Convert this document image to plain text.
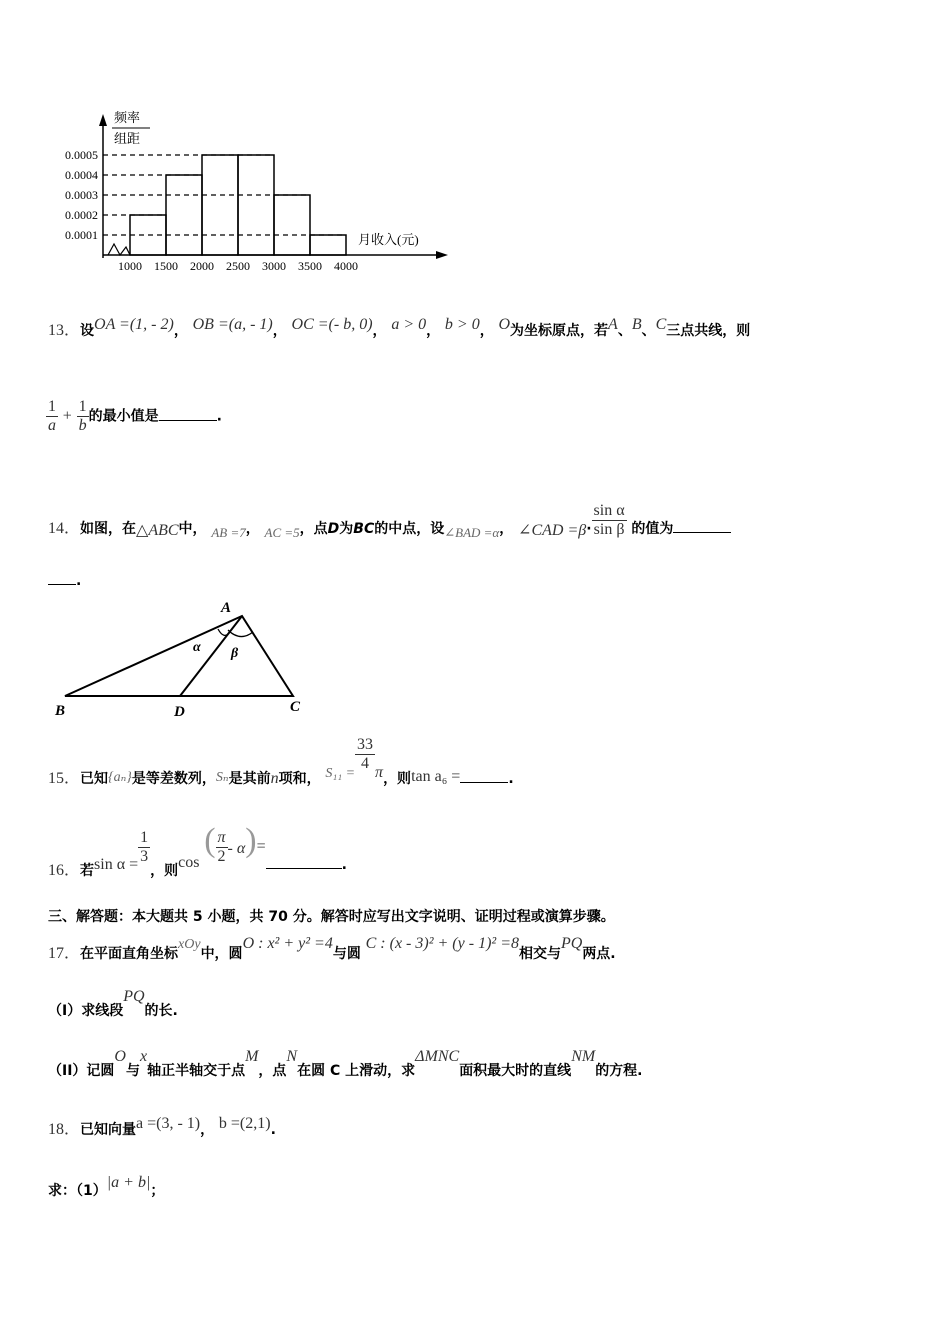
0.0005
0.0004
0.0003
0.0002
0.0001
1000 1500 2000 2500 3000 3500 4000
频率
组距
月收入(元)
13．设OA =(1, - 2)， OB =(a, - 1)， OC =(- b, 0)， a > 0， b > 0， O为坐标原点，若A、B、C三点共线，则
$\frac{1}{a} + \frac{1}{b}$ 的最小值是	.
14．如图，在△ABC中， AB =7， AC =5，点D为BC的中点，设∠BAD =α， ∠CAD $=\beta\cdot \frac{\text{sin α}}{\text{sin β}}$ 的值为
.
A
B	C
D
α β
15．已知{aₙ}是等差数列，Sₙ是其前n项和， $S_{11} = \frac{33}{4}$ π，则tan a₆ =	.
16．若$\sin \alpha = \frac{1}{3}$
，则cos ( $\frac{\pi}{2} - \alpha)=$.
三、解答题：本大题共 5 小题，共 70 分。解答时应写出文字说明、证明过程或演算步骤。
17．在平面直角坐标xOy中，圆O : x² + y² =4与圆 C : (x - 3)² + (y - 1)² =8相交与PQ两点.
（I）求线段PQ的长.
（II）记圆O与x轴正半轴交于点M，点N在圆 C 上滑动，求ΔMNC面积最大时的直线NM的方程.
18．已知向量a =(3, - 1)， b =(2,1).
求：（1）|a + b|；
